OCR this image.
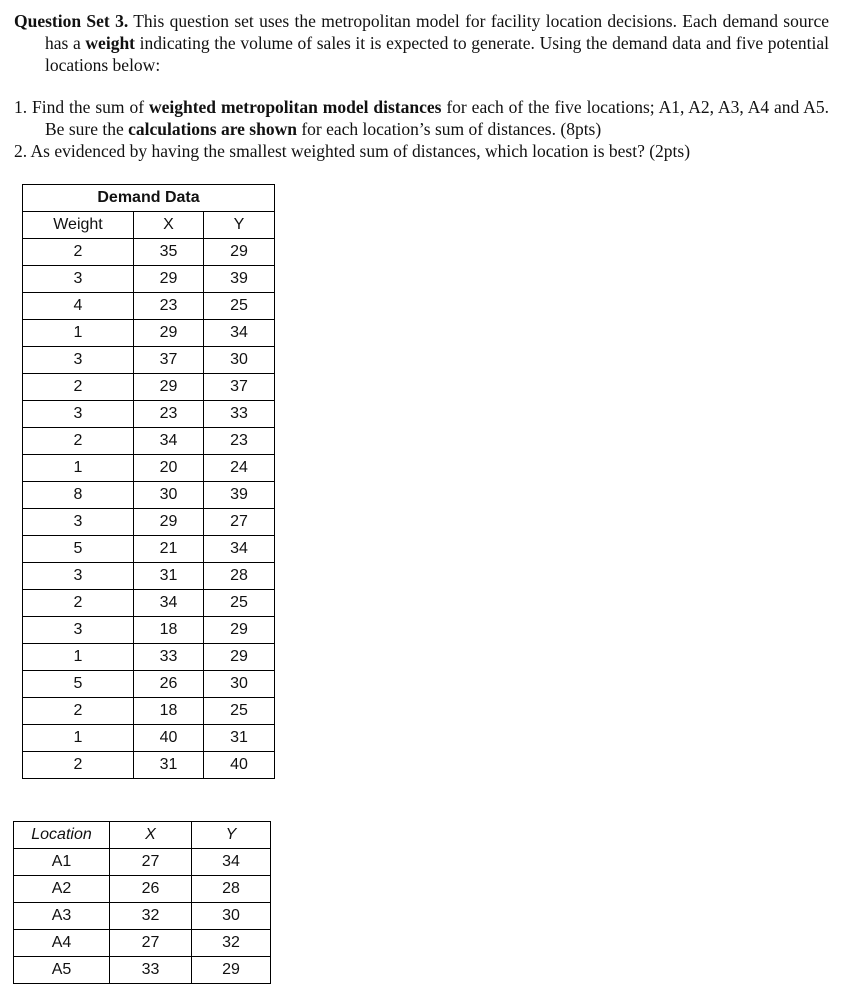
Question Set 3. This question set uses the metropolitan model for facility location decisions. Each demand source has a weight indicating the volume of sales it is expected to generate. Using the demand data and five potential locations below:

1. Find the sum of weighted metropolitan model distances for each of the five locations; A1, A2, A3, A4 and A5. Be sure the calculations are shown for each location’s sum of distances. (8pts)

2. As evidenced by having the smallest weighted sum of distances, which location is best? (2pts)

Demand Data		
Weight	X	Y
2	35	29
3	29	39
4	23	25
1	29	34
3	37	30
2	29	37
3	23	33
2	34	23
1	20	24
8	30	39
3	29	27
5	21	34
3	31	28
2	34	25
3	18	29
1	33	29
5	26	30
2	18	25
1	40	31
2	31	40
Location	X	Y
A1	27	34
A2	26	28
A3	32	30
A4	27	32
A5	33	29
